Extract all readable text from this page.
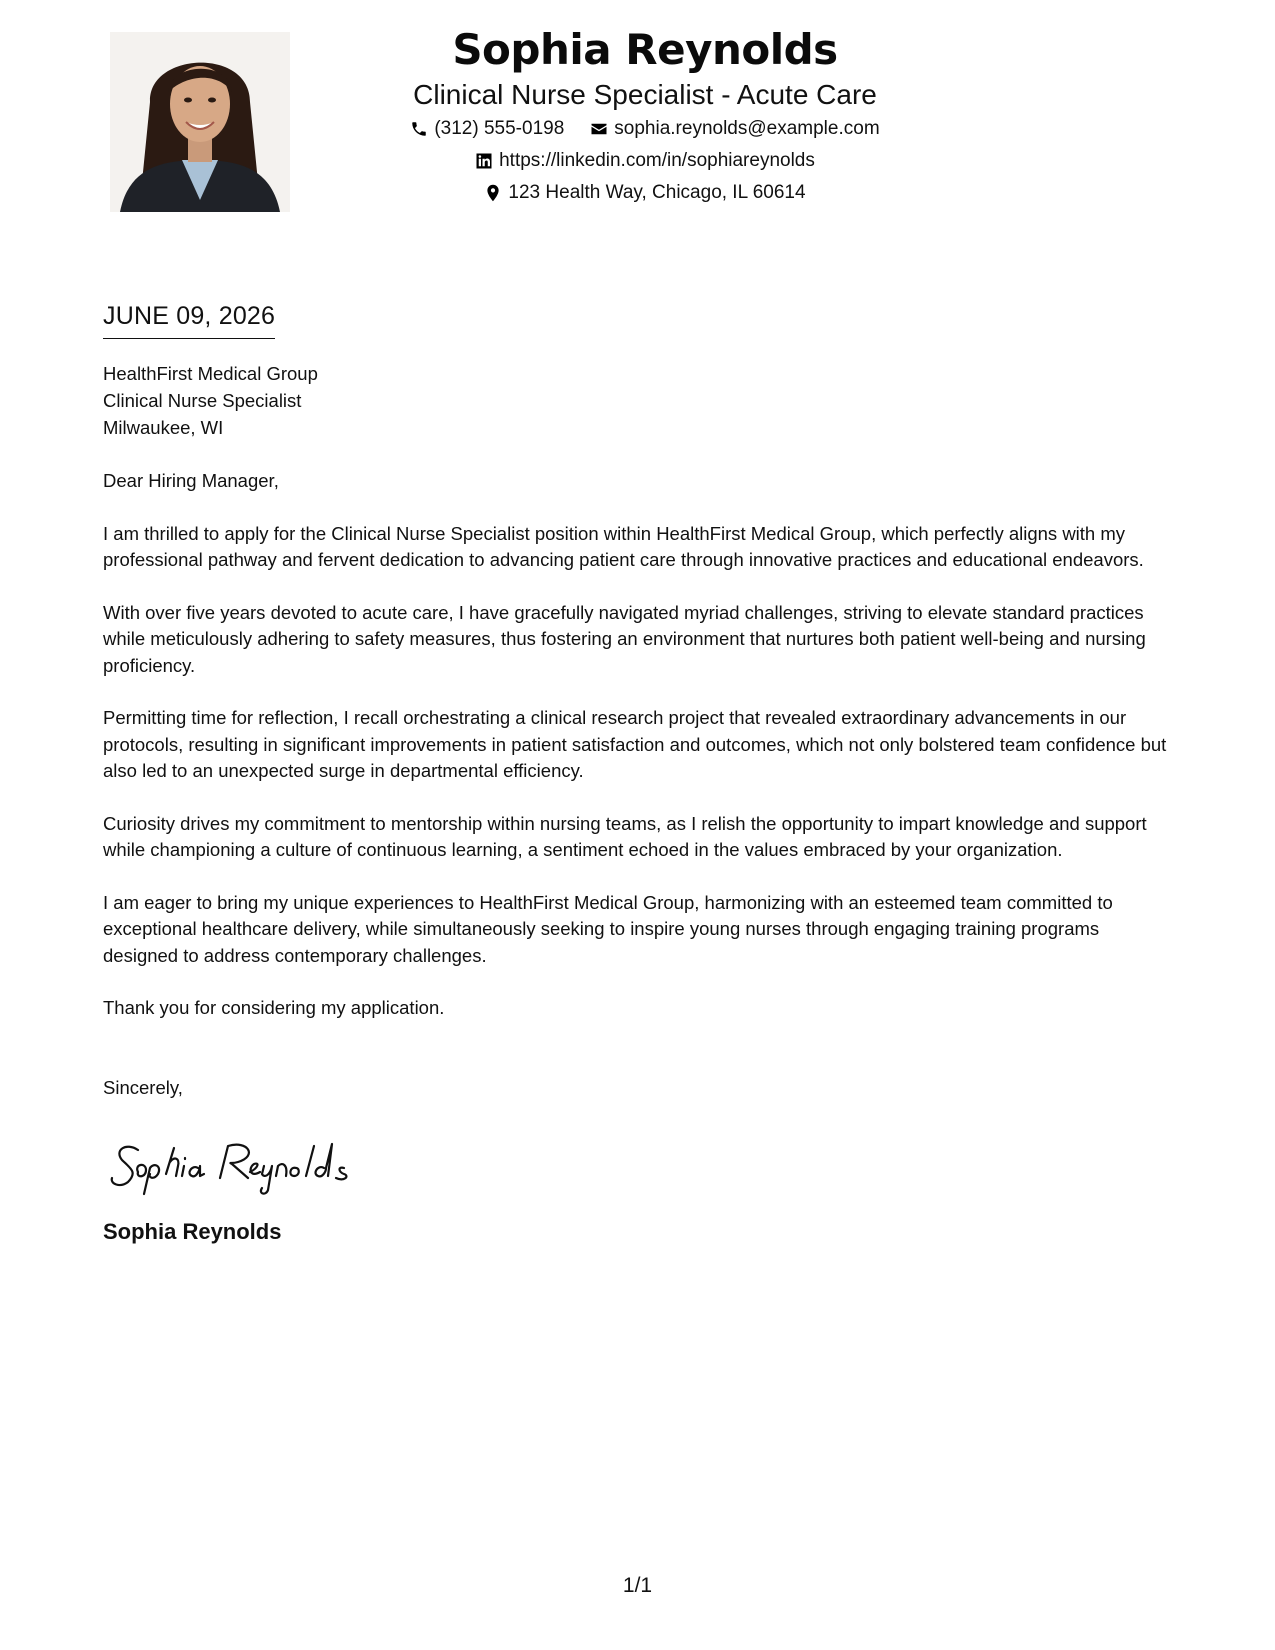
Sophia Reynolds
Clinical Nurse Specialist - Acute Care
(312) 555-0198	sophia.reynolds@example.com
https://linkedin.com/in/sophiareynolds
123 Health Way, Chicago, IL 60614
JUNE 09, 2026
HealthFirst Medical Group
Clinical Nurse Specialist
Milwaukee, WI

Dear Hiring Manager,

I am thrilled to apply for the Clinical Nurse Specialist position within HealthFirst Medical Group, which perfectly aligns with my professional pathway and fervent dedication to advancing patient care through innovative practices and educational endeavors.

With over five years devoted to acute care, I have gracefully navigated myriad challenges, striving to elevate standard practices while meticulously adhering to safety measures, thus fostering an environment that nurtures both patient well-being and nursing proficiency.

Permitting time for reflection, I recall orchestrating a clinical research project that revealed extraordinary advancements in our protocols, resulting in significant improvements in patient satisfaction and outcomes, which not only bolstered team confidence but also led to an unexpected surge in departmental efficiency.

Curiosity drives my commitment to mentorship within nursing teams, as I relish the opportunity to impart knowledge and support while championing a culture of continuous learning, a sentiment echoed in the values embraced by your organization.

I am eager to bring my unique experiences to HealthFirst Medical Group, harmonizing with an esteemed team committed to exceptional healthcare delivery, while simultaneously seeking to inspire young nurses through engaging training programs designed to address contemporary challenges.

Thank you for considering my application.

Sincerely,
Sophia Reynolds
1/1
